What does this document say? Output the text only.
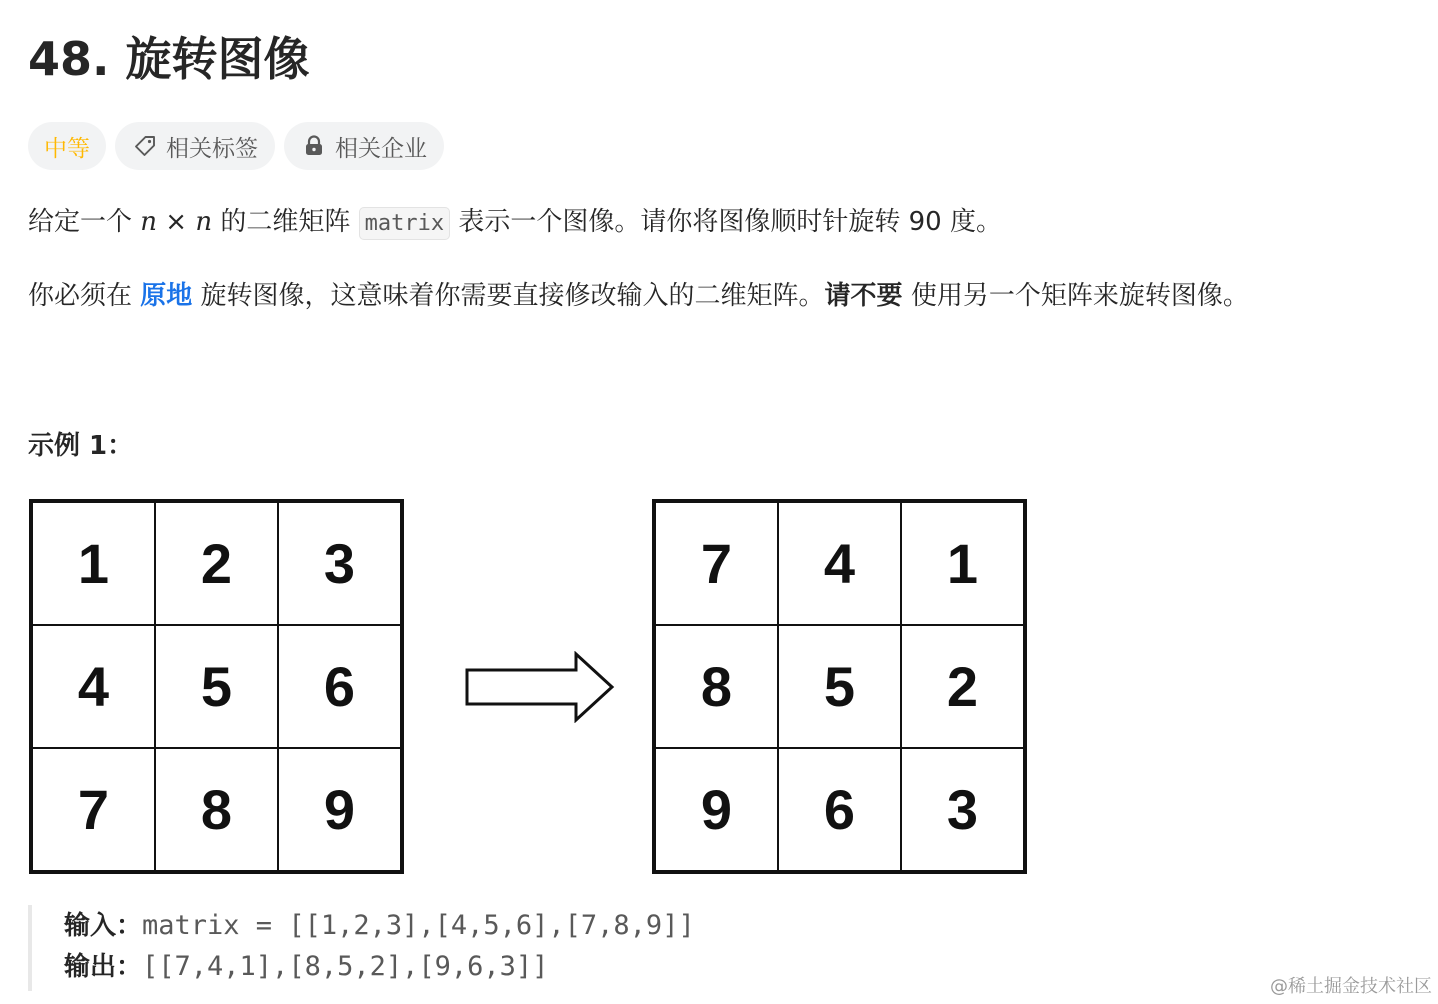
48. 旋转图像
中等	相关标签	相关企业
给定一个 n × n 的二维矩阵 matrix 表示一个图像。请你将图像顺时针旋转 90 度。
你必须在 原地 旋转图像，这意味着你需要直接修改输入的二维矩阵。请不要 使用另一个矩阵来旋转图像。
示例 1：
1	2	3
4	5	6
7	8	9
7	4	1
8	5	2
9	6	3
输入：matrix = [[1,2,3],[4,5,6],[7,8,9]]
输出：[[7,4,1],[8,5,2],[9,6,3]]
@稀土掘金技术社区
